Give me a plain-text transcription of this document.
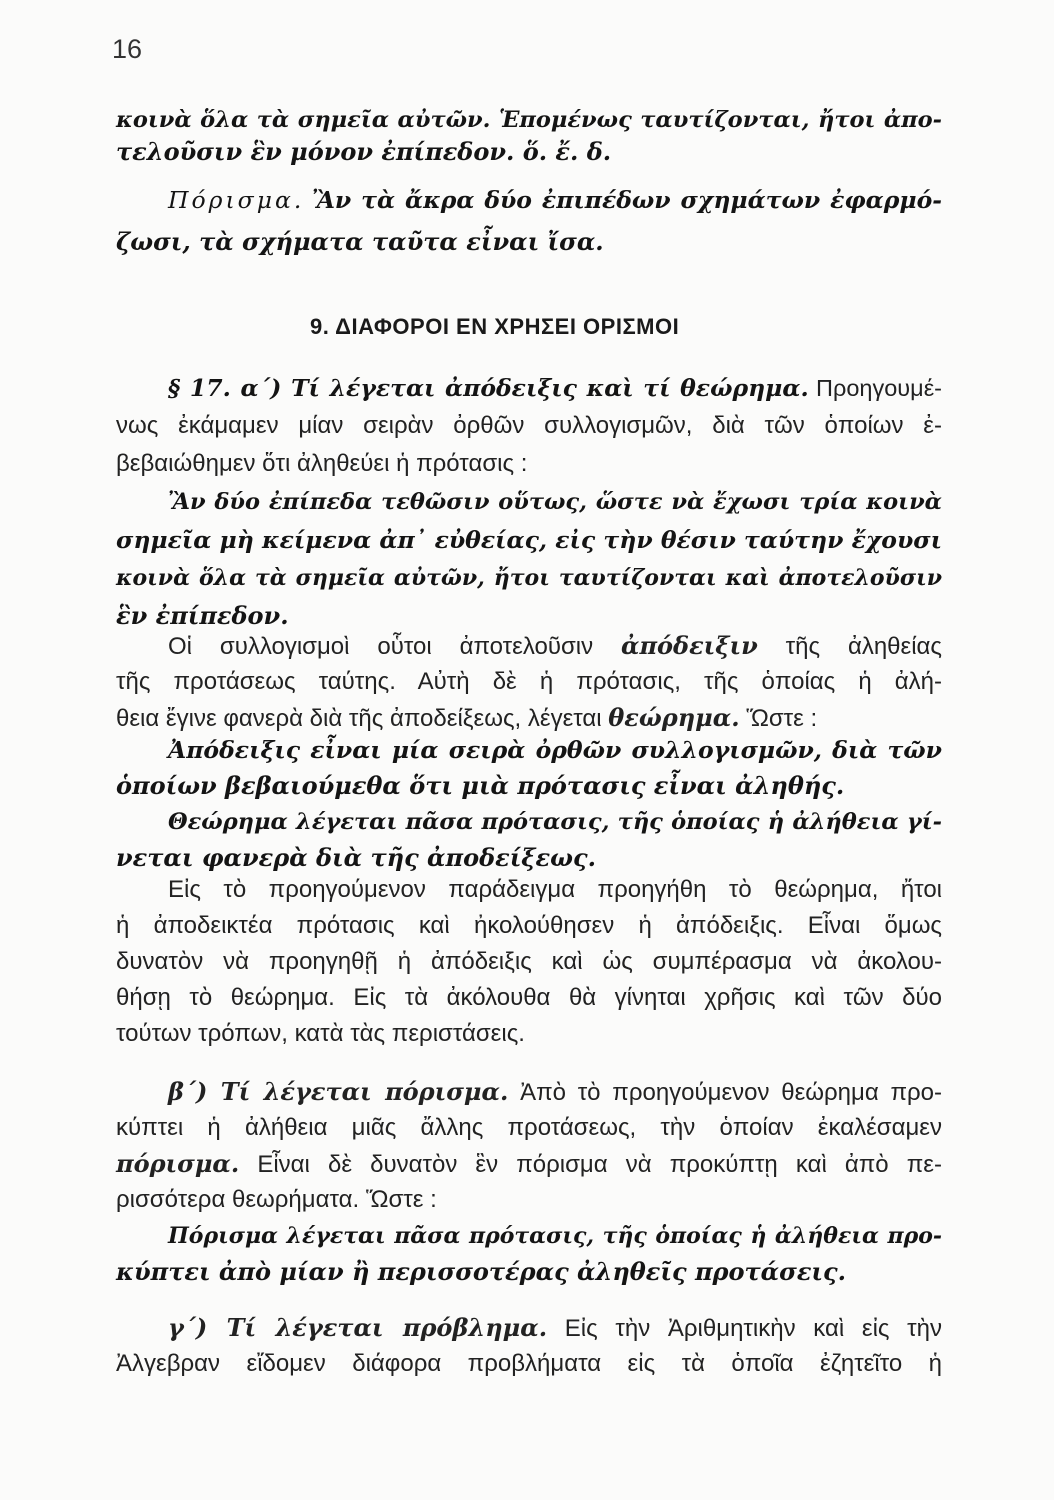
16
κοινὰ ὅλα τὰ σημεῖα αὐτῶν. Ἑπομένως ταυτίζονται, ἤτοι ἀπο-
τελοῦσιν ἓν μόνον ἐπίπεδον. ὅ. ἔ. δ.
Πόρισμα. Ἂν τὰ ἄκρα δύο ἐπιπέδων σχημάτων ἐφαρμό-
ζωσι, τὰ σχήματα ταῦτα εἶναι ἴσα.
9. ΔΙΑΦΟΡΟΙ ΕΝ ΧΡΗΣΕΙ ΟΡΙΣΜΟΙ
§ 17. α΄) Τί λέγεται ἀπόδειξις καὶ τί θεώρημα. Προηγουμέ-
νως ἐκάμαμεν μίαν σειρὰν ὀρθῶν συλλογισμῶν, διὰ τῶν ὁποίων ἐ-
βεβαιώθημεν ὅτι ἀληθεύει ἡ πρότασις :
Ἂν δύο ἐπίπεδα τεθῶσιν οὕτως, ὥστε νὰ ἔχωσι τρία κοινὰ
σημεῖα μὴ κείμενα ἀπ᾽ εὐθείας, εἰς τὴν θέσιν ταύτην ἔχουσι
κοινὰ ὅλα τὰ σημεῖα αὐτῶν, ἤτοι ταυτίζονται καὶ ἀποτελοῦσιν
ἓν ἐπίπεδον.
Οἱ συλλογισμοὶ οὗτοι ἀποτελοῦσιν ἀπόδειξιν τῆς ἀληθείας
τῆς προτάσεως ταύτης. Αὐτὴ δὲ ἡ πρότασις, τῆς ὁποίας ἡ ἀλή-
θεια ἔγινε φανερὰ διὰ τῆς ἀποδείξεως, λέγεται θεώρημα. Ὥστε :
Ἀπόδειξις εἶναι μία σειρὰ ὀρθῶν συλλογισμῶν, διὰ τῶν
ὁποίων βεβαιούμεθα ὅτι μιὰ πρότασις εἶναι ἀληθής.
Θεώρημα λέγεται πᾶσα πρότασις, τῆς ὁποίας ἡ ἀλήθεια γί-
νεται φανερὰ διὰ τῆς ἀποδείξεως.
Εἰς τὸ προηγούμενον παράδειγμα προηγήθη τὸ θεώρημα, ἤτοι
ἡ ἀποδεικτέα πρότασις καὶ ἠκολούθησεν ἡ ἀπόδειξις. Εἶναι ὅμως
δυνατὸν νὰ προηγηθῇ ἡ ἀπόδειξις καὶ ὡς συμπέρασμα νὰ ἀκολου-
θήσῃ τὸ θεώρημα. Εἰς τὰ ἀκόλουθα θὰ γίνηται χρῆσις καὶ τῶν δύο
τούτων τρόπων, κατὰ τὰς περιστάσεις.
β΄) Τί λέγεται πόρισμα. Ἀπὸ τὸ προηγούμενον θεώρημα προ-
κύπτει ἡ ἀλήθεια μιᾶς ἄλλης προτάσεως, τὴν ὁποίαν ἐκαλέσαμεν
πόρισμα. Εἶναι δὲ δυνατὸν ἓν πόρισμα νὰ προκύπτῃ καὶ ἀπὸ πε-
ρισσότερα θεωρήματα. Ὥστε :
Πόρισμα λέγεται πᾶσα πρότασις, τῆς ὁποίας ἡ ἀλήθεια προ-
κύπτει ἀπὸ μίαν ἢ περισσοτέρας ἀληθεῖς προτάσεις.
γ΄) Τί λέγεται πρόβλημα. Εἰς τὴν Ἀριθμητικὴν καὶ εἰς τὴν
Ἀλγεβραν εἴδομεν διάφορα προβλήματα εἰς τὰ ὁποῖα ἐζητεῖτο ἡ
